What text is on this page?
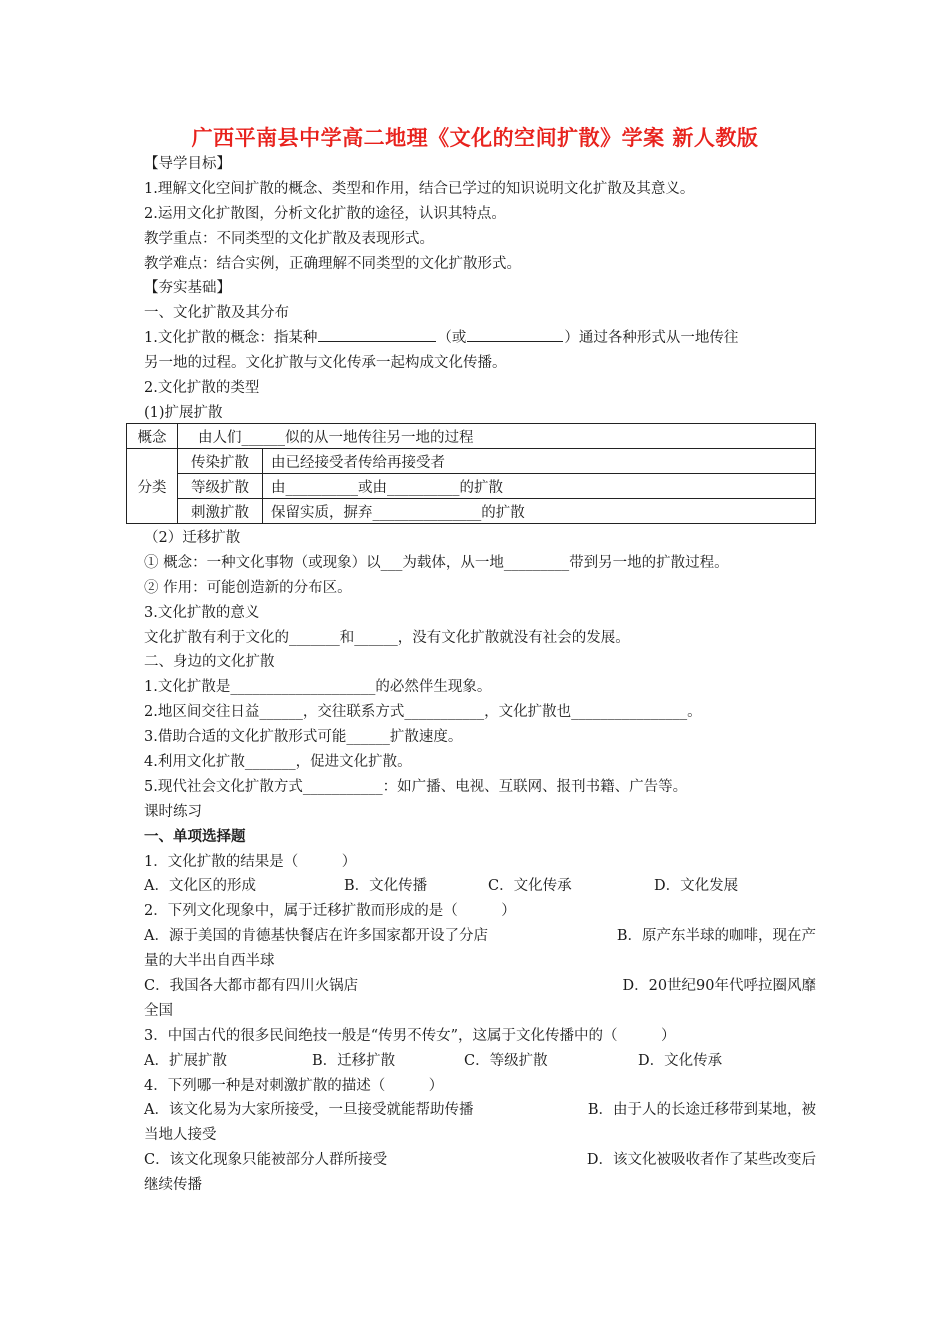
广西平南县中学高二地理《文化的空间扩散》学案 新人教版
【导学目标】
1.理解文化空间扩散的概念、类型和作用，结合已学过的知识说明文化扩散及其意义。
2.运用文化扩散图，分析文化扩散的途径，认识其特点。
教学重点：不同类型的文化扩散及表现形式。
教学难点：结合实例，正确理解不同类型的文化扩散形式。
【夯实基础】
一、文化扩散及其分布
1.文化扩散的概念：指某种	（或	）通过各种形式从一地传往
另一地的过程。文化扩散与文化传承一起构成文化传播。
2.文化扩散的类型
(1)扩展扩散
概念	由人们______似的从一地传往另一地的过程	
分类	传染扩散	由已经接受者传给再接受者
	等级扩散	由__________或由__________的扩散
	刺激扩散	保留实质，摒弃_______________的扩散
（2）迁移扩散
① 概念：一种文化事物（或现象）以___为载体，从一地_________带到另一地的扩散过程。
② 作用：可能创造新的分布区。
3.文化扩散的意义
文化扩散有利于文化的_______和______，没有文化扩散就没有社会的发展。
二、身边的文化扩散
1.文化扩散是____________________的必然伴生现象。
2.地区间交往日益______，交往联系方式___________，文化扩散也________________。
3.借助合适的文化扩散形式可能______扩散速度。
4.利用文化扩散_______，促进文化扩散。
5.现代社会文化扩散方式___________：如广播、电视、互联网、报刊书籍、广告等。
课时练习
一、单项选择题
1．文化扩散的结果是（　　　）
A．文化区的形成	B．文化传播	C．文化传承	D．文化发展
2．下列文化现象中，属于迁移扩散而形成的是（　　　）
A．源于美国的肯德基快餐店在许多国家都开设了分店	B．原产东半球的咖啡，现在产
量的大半出自西半球
C．我国各大都市都有四川火锅店	D．20世纪90年代呼拉圈风靡
全国
3．中国古代的很多民间绝技一般是“传男不传女”，这属于文化传播中的（　　　）
A．扩展扩散	B．迁移扩散	C．等级扩散	D．文化传承
4．下列哪一种是对刺激扩散的描述（　　　）
A．该文化易为大家所接受，一旦接受就能帮助传播	B．由于人的长途迁移带到某地，被
当地人接受
C．该文化现象只能被部分人群所接受	D．该文化被吸收者作了某些改变后
继续传播
